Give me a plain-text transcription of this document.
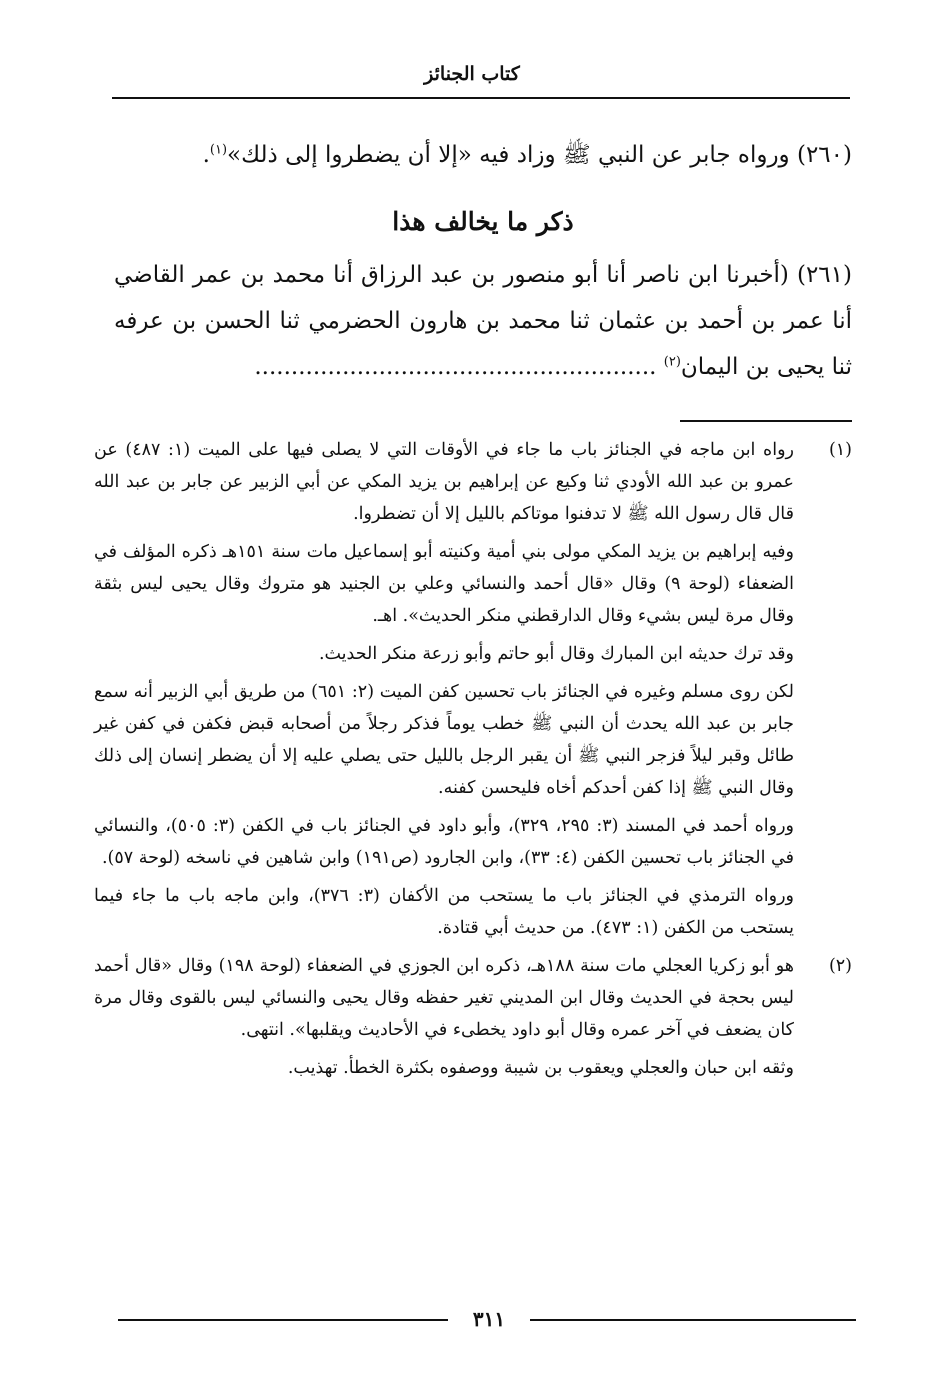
كتاب الجنائز

(٢٦٠) ورواه جابر عن النبي ﷺ وزاد فيه «إلا أن يضطروا إلى ذلك»$^{(١)}$.

ذكر ما يخالف هذا

(٢٦١) (أخبرنا ابن ناصر أنا أبو منصور بن عبد الرزاق أنا محمد بن عمر القاضي أنا عمر بن أحمد بن عثمان ثنا محمد بن هارون الحضرمي ثنا الحسن بن عرفه ثنا يحيى بن اليمان$^{(٢)}$ .......................................................

(١)

رواه ابن ماجه في الجنائز باب ما جاء في الأوقات التي لا يصلى فيها على الميت (١: ٤٨٧) عن عمرو بن عبد الله الأودي ثنا وكيع عن إبراهيم بن يزيد المكي عن أبي الزبير عن جابر بن عبد الله قال قال رسول الله ﷺ لا تدفنوا موتاكم بالليل إلا أن تضطروا.

وفيه إبراهيم بن يزيد المكي مولى بني أمية وكنيته أبو إسماعيل مات سنة ١٥١هـ ذكره المؤلف في الضعفاء (لوحة ٩) وقال «قال أحمد والنسائي وعلي بن الجنيد هو متروك وقال يحيى ليس بثقة وقال مرة ليس بشيء وقال الدارقطني منكر الحديث». اهـ.

وقد ترك حديثه ابن المبارك وقال أبو حاتم وأبو زرعة منكر الحديث.

لكن روى مسلم وغيره في الجنائز باب تحسين كفن الميت (٢: ٦٥١) من طريق أبي الزبير أنه سمع جابر بن عبد الله يحدث أن النبي ﷺ خطب يوماً فذكر رجلاً من أصحابه قبض فكفن في كفن غير طائل وقبر ليلاً فزجر النبي ﷺ أن يقبر الرجل بالليل حتى يصلي عليه إلا أن يضطر إنسان إلى ذلك وقال النبي ﷺ إذا كفن أحدكم أخاه فليحسن كفنه.

ورواه أحمد في المسند (٣: ٢٩٥، ٣٢٩)، وأبو داود في الجنائز باب في الكفن (٣: ٥٠٥)، والنسائي في الجنائز باب تحسين الكفن (٤: ٣٣)، وابن الجارود (ص١٩١) وابن شاهين في ناسخه (لوحة ٥٧).

ورواه الترمذي في الجنائز باب ما يستحب من الأكفان (٣: ٣٧٦)، وابن ماجه باب ما جاء فيما يستحب من الكفن (١: ٤٧٣). من حديث أبي قتادة.

(٢)

هو أبو زكريا العجلي مات سنة ١٨٨هـ، ذكره ابن الجوزي في الضعفاء (لوحة ١٩٨) وقال «قال أحمد ليس بحجة في الحديث وقال ابن المديني تغير حفظه وقال يحيى والنسائي ليس بالقوى وقال مرة كان يضعف في آخر عمره وقال أبو داود يخطىء في الأحاديث ويقلبها». انتهى.

وثقه ابن حبان والعجلي ويعقوب بن شيبة ووصفوه بكثرة الخطأ. تهذيب.

٣١١
